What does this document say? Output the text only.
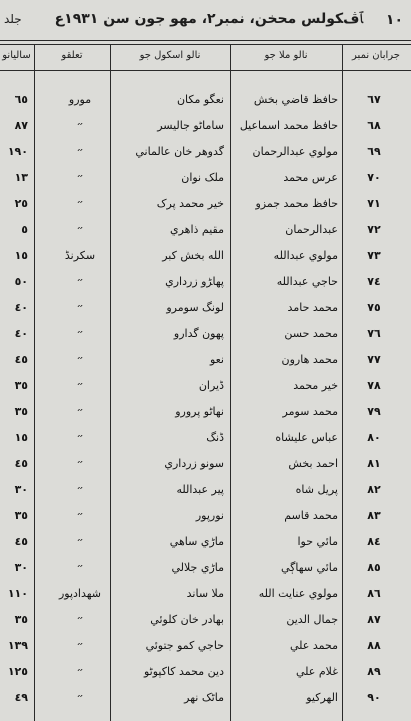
١٠
ﭑﭪﮑﻮﻟﺲ ﻣﺤﺨﻦ، ﻧﻤﺒﺮ٢، ﻣﻬﻮ ﺟﻮن ﺳﻦ ١٩٣١ع
ﺟﻠﺪ
ﺟﺮﺍﺑﺎن ﻧﻤﺒﺮ
ﻧﺎﻟﻮ ﻣﻼ ﺟﻮ
ﻧﺎﻟﻮ ﺍﺳﻜﻮﻝ ﺟﻮ
ﺗﻌﻠﻘﻮ
ﺳﺎﻟﻴﺎﻧﻮ
٦٧
ﺣﺎﻓﻆ ﻗﺎﺿﻲ ﺑﺨﺶ
ﻧﻌﮕﻮ ﻣﮑﺎن
ﻣﻮﺭﻭ
٦٥
٦٨
ﺣﺎﻓﻆ ﻣﺤﻤﺪ ﺍﺳﻤﺎﻋﻴﻞ
ﺳﺎﻣﺎﭨﻮ ﺟﺎﻟﻴﺴﺮ
״
٨٧
٦٩
ﻣﻮﻟﻮﻱ ﻋﺒﺪﺍﻟﺮﺣﻤﺎن
ﮔﺪﻭﻫﺮ ﺧﺎن ﻋﺎﻟﻤﺎﻧﻲ
״
١٩٠
٧٠
ﻋﺮﺱ ﻣﺤﻤﺪ
ﻣﻠﮏ ﻧﻮﺍن
״
١٣
٧١
ﺣﺎﻓﻆ ﻣﺤﻤﺪ ﺟﻤﺰﻭ
ﺧﻴﺮ ﻣﺤﻤﺪ ﭘﺮﮎ
״
٢٥
٧٢
ﻋﺒﺪﺍﻟﺮﺣﻤﺎن
ﻣﻘﻴﻢ ﺫﺍﻫﺮﻱ
״
٥
٧٣
ﻣﻮﻟﻮﻱ ﻋﺒﺪﺍﻟﻠﻪ
ﺍﻟﻠﻪ ﺑﺨﺶ ﮐﺒﺮ
ﺳﮑﺮﻧﮉ
١٥
٧٤
ﺣﺎﺟﻲ ﻋﺒﺪﺍﻟﻠﻪ
ﭘﻬﺎﮍﻭ ﺯﺭﺩﺍﺭﻱ
״
٥٠
٧٥
ﻣﺤﻤﺪ ﺣﺎﻣﺪ
ﻟﻮﻧﮓ ﺳﻮﻣﺮﻭ
״
٤٠
٧٦
ﻣﺤﻤﺪ ﺣﺴﻦ
ﭘﻬﻮن ﮔﺪﺍﺭﻭ
״
٤٠
٧٧
ﻣﺤﻤﺪ ﻫﺎﺭﻭن
ﻧﻌﻮ
״
٤٥
٧٨
ﺧﻴﺮ ﻣﺤﻤﺪ
ﮈﻳﺮﺍﻥ
״
٣٥
٧٩
ﻣﺤﻤﺪ ﺳﻮﻣﺮ
ﻧﻬﺎﭨﻮ ﭘﺮﻭﺭﻭ
״
٣٥
٨٠
ﻋﺒﺎﺱ ﻋﻠﻴﺸﺎﻩ
ﮈﻧﮓ
״
١٥
٨١
ﺍﺣﻤﺪ ﺑﺨﺶ
ﺳﻮﻧﻮ ﺯﺭﺩﺍﺭﻱ
״
٤٥
٨٢
ﭘﺮﻳﻞ ﺷﺎﻩ
ﭘﻴﺮ ﻋﺒﺪﺍﻟﻠﻪ
״
٣٠
٨٣
ﻣﺤﻤﺪ ﻗﺎﺳﻢ
ﻧﻮﺭﭘﻮﺭ
״
٣٥
٨٤
ﻣﺎﺋﻲ ﺣﻮﺍ
ﻣﺎﮌﻱ ﺳﺎﻫﻲ
״
٤٥
٨٥
ﻣﺎﺋﻲ ﺳﻬﺎﮘﻲ
ﻣﺎﮌﻱ ﺟﻼﻟﻲ
״
٣٠
٨٦
ﻣﻮﻟﻮﻱ ﻋﻨﺎﻳﺖ ﺍﻟﻠﻪ
ﻣﻼ ﺳﺎﻧﺪ
ﺷﻬﺪﺍﺩﭘﻮﺭ
١١٠
٨٧
ﺟﻤﺎﻝ ﺍﻟﺪﻳﻦ
ﺑﻬﺎﺩﺭ ﺧﺎن ﮐﻠﻮﺋﻲ
״
٣٥
٨٨
ﻣﺤﻤﺪ ﻋﻠﻲ
ﺣﺎﺟﻲ ﮐﻤﻮ ﺟﺘﻮﺋﻲ
״
١٣٩
٨٩
ﻏﻼﻡ ﻋﻠﻲ
ﺩﻳﻦ ﻣﺤﻤﺪ ﮐﺎﮐﭙﻮﭨﻮ
״
١٢٥
٩٠
ﺍﻟﻬﺮﮐﻴﻮ
ﻣﺎﭨﮏ ﻧﻬﺮ
״
٤٩
